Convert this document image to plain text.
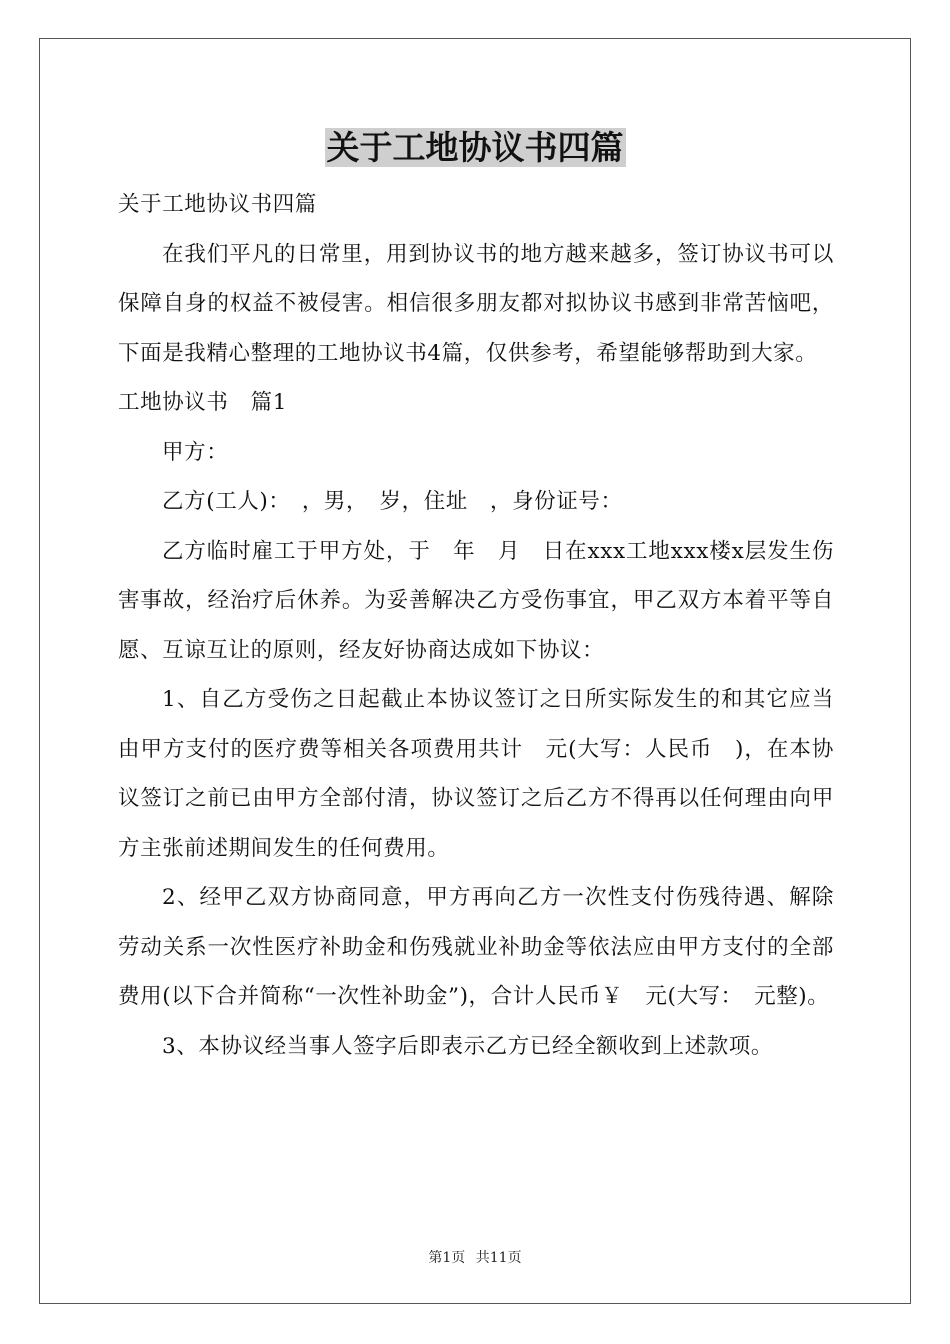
关于工地协议书四篇

关于工地协议书四篇

在我们平凡的日常里，用到协议书的地方越来越多，签订协议书可以保障自身的权益不被侵害。相信很多朋友都对拟协议书感到非常苦恼吧，下面是我精心整理的工地协议书4篇，仅供参考，希望能够帮助到大家。

工地协议书　篇1

甲方：

乙方(工人)：　，男，　岁，住址　，身份证号：

乙方临时雇工于甲方处，于　年　月　日在xxx工地xxx楼x层发生伤害事故，经治疗后休养。为妥善解决乙方受伤事宜，甲乙双方本着平等自愿、互谅互让的原则，经友好协商达成如下协议：

1、自乙方受伤之日起截止本协议签订之日所实际发生的和其它应当由甲方支付的医疗费等相关各项费用共计　元(大写：人民币　)，在本协议签订之前已由甲方全部付清，协议签订之后乙方不得再以任何理由向甲方主张前述期间发生的任何费用。

2、经甲乙双方协商同意，甲方再向乙方一次性支付伤残待遇、解除劳动关系一次性医疗补助金和伤残就业补助金等依法应由甲方支付的全部费用(以下合并简称“一次性补助金”)，合计人民币￥　元(大写：　元整)。

3、本协议经当事人签字后即表示乙方已经全额收到上述款项。

第1页 共11页
